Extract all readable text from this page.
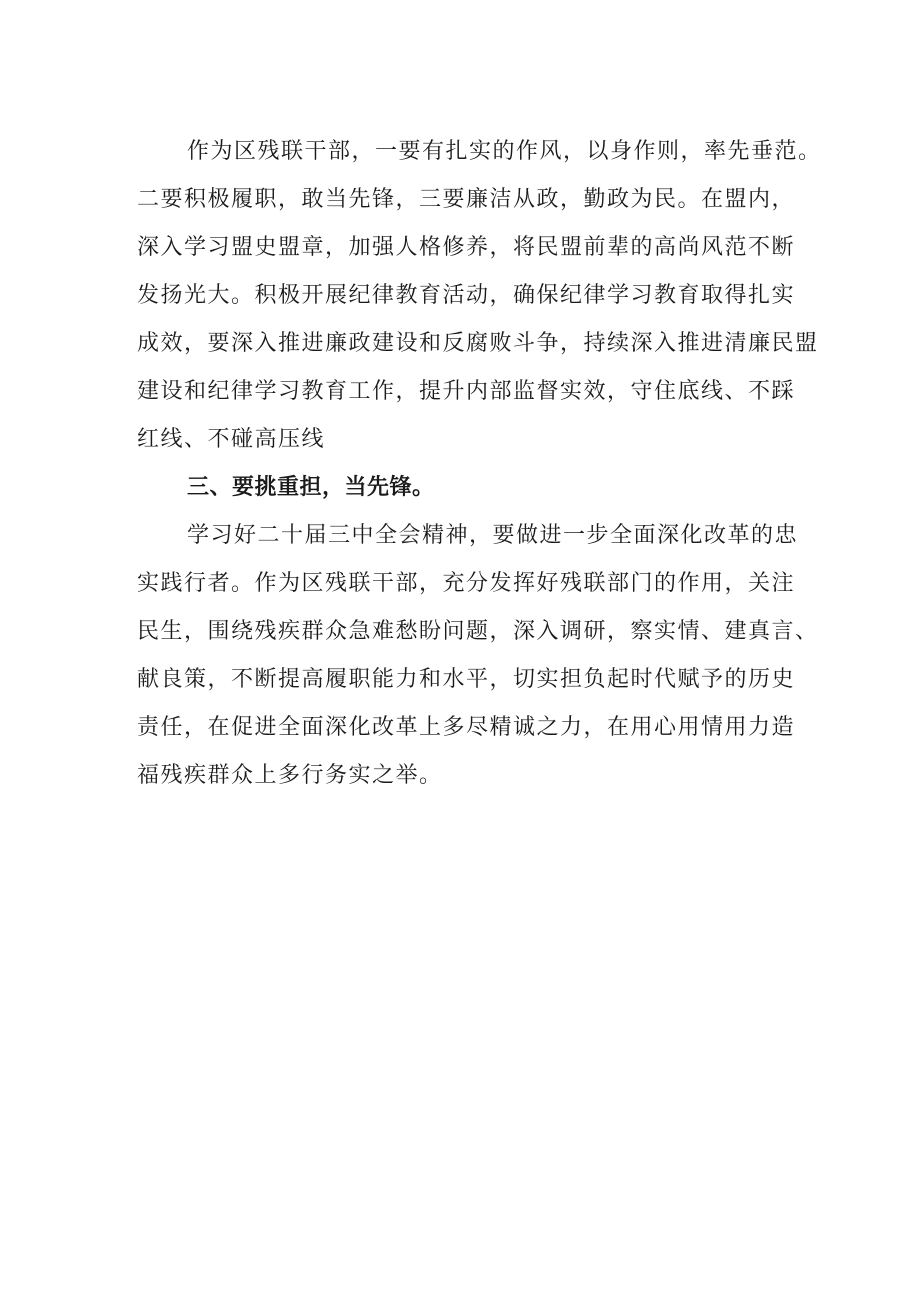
作为区残联干部，一要有扎实的作风，以身作则，率先垂范。
二要积极履职，敢当先锋，三要廉洁从政，勤政为民。在盟内，
深入学习盟史盟章，加强人格修养，将民盟前辈的高尚风范不断
发扬光大。积极开展纪律教育活动，确保纪律学习教育取得扎实
成效，要深入推进廉政建设和反腐败斗争，持续深入推进清廉民盟
建设和纪律学习教育工作，提升内部监督实效，守住底线、不踩
红线、不碰高压线
三、要挑重担，当先锋。
学习好二十届三中全会精神，要做进一步全面深化改革的忠
实践行者。作为区残联干部，充分发挥好残联部门的作用，关注
民生，围绕残疾群众急难愁盼问题，深入调研，察实情、建真言、
献良策，不断提高履职能力和水平，切实担负起时代赋予的历史
责任，在促进全面深化改革上多尽精诚之力，在用心用情用力造
福残疾群众上多行务实之举。
